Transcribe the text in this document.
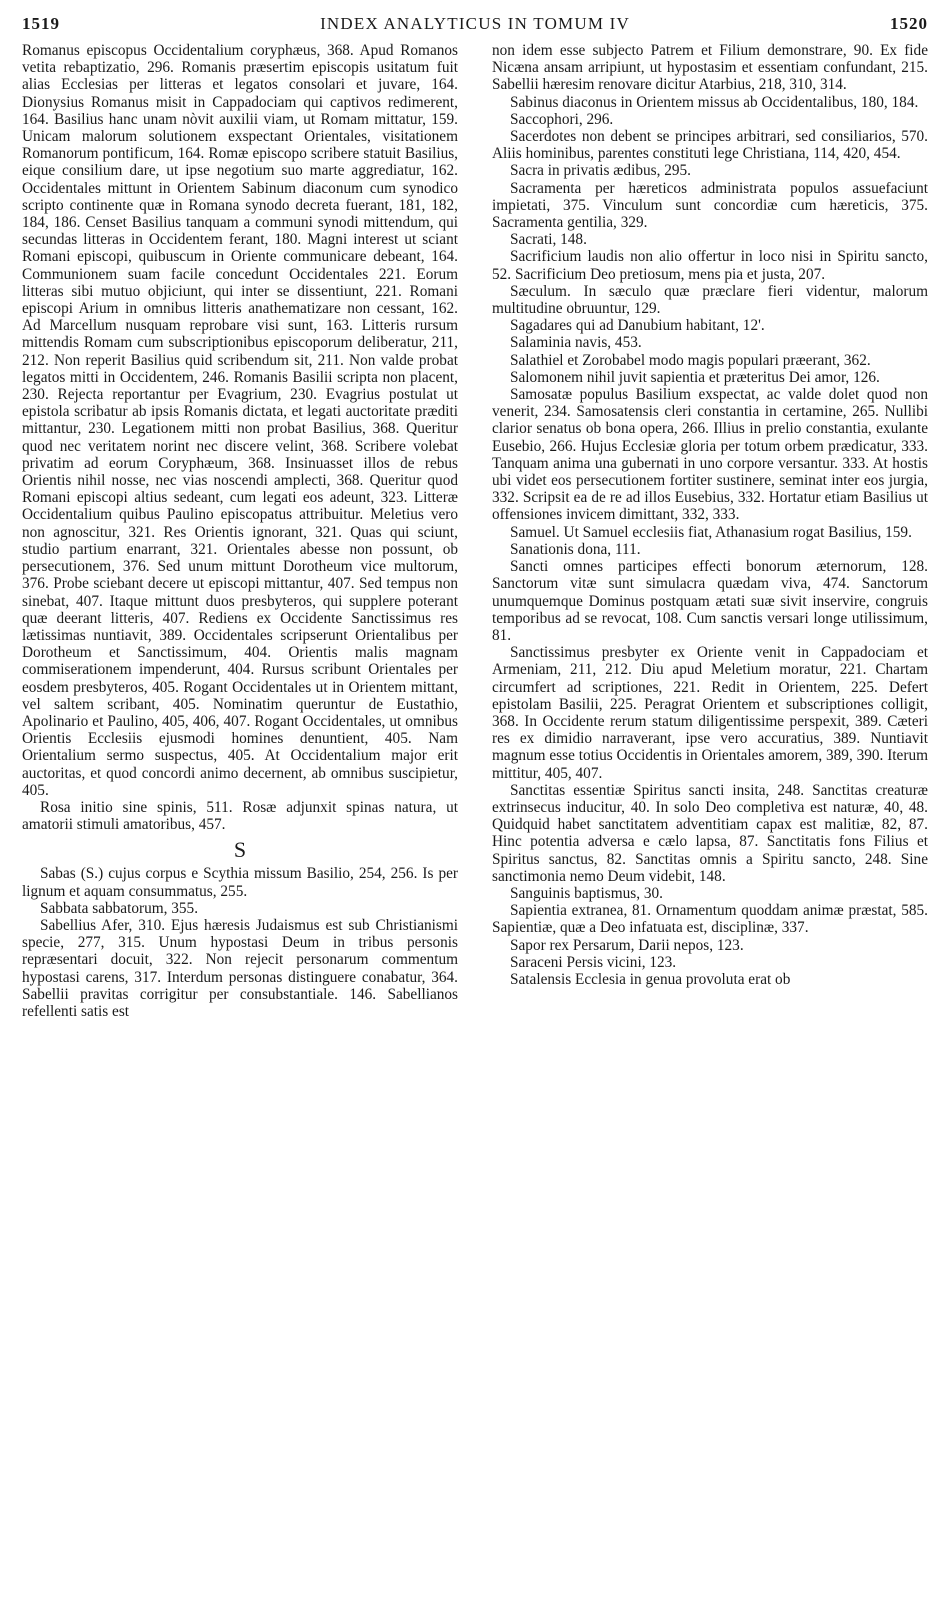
1519	INDEX ANALYTICUS IN TOMUM IV	1520

Romanus episcopus Occidentalium coryphæus, 368. Apud Romanos vetita rebaptizatio, 296. Romanis præsertim episcopis usitatum fuit alias Ecclesias per litteras et legatos consolari et juvare, 164. Dionysius Romanus misit in Cappadociam qui captivos redimerent, 164. Basilius hanc unam nòvit auxilii viam, ut Romam mittatur, 159. Unicam malorum solutionem exspectant Orientales, visitationem Romanorum pontificum, 164. Romæ episcopo scribere statuit Basilius, eique consilium dare, ut ipse negotium suo marte aggrediatur, 162. Occidentales mittunt in Orientem Sabinum diaconum cum synodico scripto continente quæ in Romana synodo decreta fuerant, 181, 182, 184, 186. Censet Basilius tanquam a communi synodi mittendum, qui secundas litteras in Occidentem ferant, 180. Magni interest ut sciant Romani episcopi, quibuscum in Oriente communicare debeant, 164. Communionem suam facile concedunt Occidentales 221. Eorum litteras sibi mutuo objiciunt, qui inter se dissentiunt, 221. Romani episcopi Arium in omnibus litteris anathematizare non cessant, 162. Ad Marcellum nusquam reprobare visi sunt, 163. Litteris rursum mittendis Romam cum subscriptionibus episcoporum deliberatur, 211, 212. Non reperit Basilius quid scribendum sit, 211. Non valde probat legatos mitti in Occidentem, 246. Romanis Basilii scripta non placent, 230. Rejecta reportantur per Evagrium, 230. Evagrius postulat ut epistola scribatur ab ipsis Romanis dictata, et legati auctoritate præditi mittantur, 230. Legationem mitti non probat Basilius, 368. Queritur quod nec veritatem norint nec discere velint, 368. Scribere volebat privatim ad eorum Coryphæum, 368. Insinuasset illos de rebus Orientis nihil nosse, nec vias noscendi amplecti, 368. Queritur quod Romani episcopi altius sedeant, cum legati eos adeunt, 323. Litteræ Occidentalium quibus Paulino episcopatus attribuitur. Meletius vero non agnoscitur, 321. Res Orientis ignorant, 321. Quas qui sciunt, studio partium enarrant, 321. Orientales abesse non possunt, ob persecutionem, 376. Sed unum mittunt Dorotheum vice multorum, 376. Probe sciebant decere ut episcopi mittantur, 407. Sed tempus non sinebat, 407. Itaque mittunt duos presbyteros, qui supplere poterant quæ deerant litteris, 407. Rediens ex Occidente Sanctissimus res lætissimas nuntiavit, 389. Occidentales scripserunt Orientalibus per Dorotheum et Sanctissimum, 404. Orientis malis magnam commiserationem impenderunt, 404. Rursus scribunt Orientales per eosdem presbyteros, 405. Rogant Occidentales ut in Orientem mittant, vel saltem scribant, 405. Nominatim queruntur de Eustathio, Apolinario et Paulino, 405, 406, 407. Rogant Occidentales, ut omnibus Orientis Ecclesiis ejusmodi homines denuntient, 405. Nam Orientalium sermo suspectus, 405. At Occidentalium major erit auctoritas, et quod concordi animo decernent, ab omnibus suscipietur, 405.

Rosa initio sine spinis, 511. Rosæ adjunxit spinas natura, ut amatorii stimuli amatoribus, 457.

S

Sabas (S.) cujus corpus e Scythia missum Basilio, 254, 256. Is per lignum et aquam consummatus, 255.

Sabbata sabbatorum, 355.

Sabellius Afer, 310. Ejus hæresis Judaismus est sub Christianismi specie, 277, 315. Unum hypostasi Deum in tribus personis repræsentari docuit, 322. Non rejecit personarum commentum hypostasi carens, 317. Interdum personas distinguere conabatur, 364. Sabellii pravitas corrigitur per consubstantiale. 146. Sabellianos refellenti satis est

non idem esse subjecto Patrem et Filium demonstrare, 90. Ex fide Nicæna ansam arripiunt, ut hypostasim et essentiam confundant, 215. Sabellii hæresim renovare dicitur Atarbius, 218, 310, 314.

Sabinus diaconus in Orientem missus ab Occidentalibus, 180, 184.

Saccophori, 296.

Sacerdotes non debent se principes arbitrari, sed consiliarios, 570. Aliis hominibus, parentes constituti lege Christiana, 114, 420, 454.

Sacra in privatis ædibus, 295.

Sacramenta per hæreticos administrata populos assuefaciunt impietati, 375. Vinculum sunt concordiæ cum hæreticis, 375. Sacramenta gentilia, 329.

Sacrati, 148.

Sacrificium laudis non alio offertur in loco nisi in Spiritu sancto, 52. Sacrificium Deo pretiosum, mens pia et justa, 207.

Sæculum. In sæculo quæ præclare fieri videntur, malorum multitudine obruuntur, 129.

Sagadares qui ad Danubium habitant, 12'.

Salaminia navis, 453.

Salathiel et Zorobabel modo magis populari præerant, 362.

Salomonem nihil juvit sapientia et præteritus Dei amor, 126.

Samosatæ populus Basilium exspectat, ac valde dolet quod non venerit, 234. Samosatensis cleri constantia in certamine, 265. Nullibi clarior senatus ob bona opera, 266. Illius in prelio constantia, exulante Eusebio, 266. Hujus Ecclesiæ gloria per totum orbem prædicatur, 333. Tanquam anima una gubernati in uno corpore versantur. 333. At hostis ubi videt eos persecutionem fortiter sustinere, seminat inter eos jurgia, 332. Scripsit ea de re ad illos Eusebius, 332. Hortatur etiam Basilius ut offensiones invicem dimittant, 332, 333.

Samuel. Ut Samuel ecclesiis fiat, Athanasium rogat Basilius, 159.

Sanationis dona, 111.

Sancti omnes participes effecti bonorum æternorum, 128. Sanctorum vitæ sunt simulacra quædam viva, 474. Sanctorum unumquemque Dominus postquam ætati suæ sivit inservire, congruis temporibus ad se revocat, 108. Cum sanctis versari longe utilissimum, 81.

Sanctissimus presbyter ex Oriente venit in Cappadociam et Armeniam, 211, 212. Diu apud Meletium moratur, 221. Chartam circumfert ad scriptiones, 221. Redit in Orientem, 225. Defert epistolam Basilii, 225. Peragrat Orientem et subscriptiones colligit, 368. In Occidente rerum statum diligentissime perspexit, 389. Cæteri res ex dimidio narraverant, ipse vero accuratius, 389. Nuntiavit magnum esse totius Occidentis in Orientales amorem, 389, 390. Iterum mittitur, 405, 407.

Sanctitas essentiæ Spiritus sancti insita, 248. Sanctitas creaturæ extrinsecus inducitur, 40. In solo Deo completiva est naturæ, 40, 48. Quidquid habet sanctitatem adventitiam capax est malitiæ, 82, 87. Hinc potentia adversa e cælo lapsa, 87. Sanctitatis fons Filius et Spiritus sanctus, 82. Sanctitas omnis a Spiritu sancto, 248. Sine sanctimonia nemo Deum videbit, 148.

Sanguinis baptismus, 30.

Sapientia extranea, 81. Ornamentum quoddam animæ præstat, 585. Sapientiæ, quæ a Deo infatuata est, disciplinæ, 337.

Sapor rex Persarum, Darii nepos, 123.

Saraceni Persis vicini, 123.

Satalensis Ecclesia in genua provoluta erat ob
